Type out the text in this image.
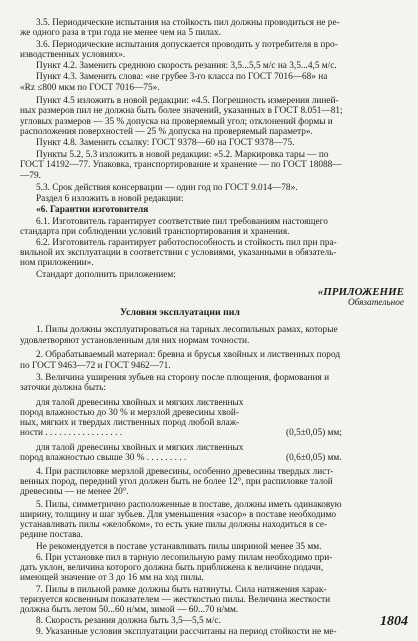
3.5. Периодические испытания на стойкость пил должны проводиться не ре-
же одного раза в три года не менее чем на 5 пилах.
3.6. Периодические испытания допускается проводить у потребителя в про-
изводственных условиях».
Пункт 4.2. Заменить среднюю скорость резания: 3,5...5,5 м/с на 3,5...4,5 м/с.
Пункт 4.3. Заменить слова: «не грубее 3-го класса по ГОСТ 7016—68» на
«Rz ≤800 мкм по ГОСТ 7016—75».
Пункт 4.5 изложить в новой редакции: «4.5. Погрешность измерения линей-
ных размеров пил не должна быть более значений, указанных в ГОСТ 8.051—81;
угловых размеров — 35 % допуска на проверяемый угол; отклонений формы и
расположения поверхностей — 25 % допуска на проверяемый параметр».
Пункт 4.8. Заменить ссылку: ГОСТ 9378—60 на ГОСТ 9378—75.
Пункты 5.2, 5.3 изложить в новой редакции: «5.2. Маркировка тары — по
ГОСТ 14192—77. Упаковка, транспортирование и хранение — по ГОСТ 18088—
—79.
5.3. Срок действия консервации — один год по ГОСТ 9.014—78».
Раздел 6 изложить в новой редакции:
«6. Гарантии изготовителя
6.1. Изготовитель гарантирует соответствие пил требованиям настоящего
стандарта при соблюдении условий транспортирования и хранения.
6.2. Изготовитель гарантирует работоспособность и стойкость пил при пра-
вильной их эксплуатации в соответствии с условиями, указанными в обязатель-
ном приложении».
Стандарт дополнить приложением:
Условия эксплуатации пил
1. Пилы должны эксплуатироваться на тарных лесопильных рамах, которые
удовлетворяют установленным для них нормам точности.
2. Обрабатываемый материал: бревна и брусья хвойных и лиственных пород
по ГОСТ 9463—72 и ГОСТ 9462—71.
3. Величина уширения зубьев на сторону после плющения, формования и
заточки должна быть:
для талой древесины хвойных и мягких лиственных
пород влажностью до 30 % и мерзлой древесины хвой-
ных, мягких и твердых лиственных пород любой влаж-
ности . . . . . . . . . . . . . . . . .
для талой древесины хвойных и мягких лиственных
пород влажностью свыше 30 % . . . . . . . . .
4. При распиловке мерзлой древесины, особенно древесины твердых лист-
венных пород, передний угол должен быть не более 12°, при распиловке талой
древесины — не менее 20°.
5. Пилы, симметрично расположенные в поставе, должны иметь одинаковую
ширину, толщину и шаг зубьев. Для уменьшения «засор» в поставе необходимо
устанавливать пилы «желобком», то есть укие пилы должны находиться в се-
редине постава.
Не рекомендуется в поставе устанавливать пилы шириной менее 35 мм.
6. При установке пил в тарную лесопильную раму пилам необходимо при-
дать уклон, величина которого должна быть приближена к величине подачи,
имеющей значение от 3 до 16 мм на ход пилы.
7. Пилы в пильной рамке должны быть натянуты. Сила натяжения харак-
теризуется косвенным показателем — жесткостью пилы. Величина жесткости
должна быть летом 50...60 н/мм, зимой — 60...70 н/мм.
8. Скорость резания должна быть 3,5—5,5 м/с.
9. Указанные условия эксплуатации рассчитаны на период стойкости не ме-
«ПРИЛОЖЕНИЕ
Обязательное
(0,5±0,05) мм;
(0,6±0,05) мм.
1804
